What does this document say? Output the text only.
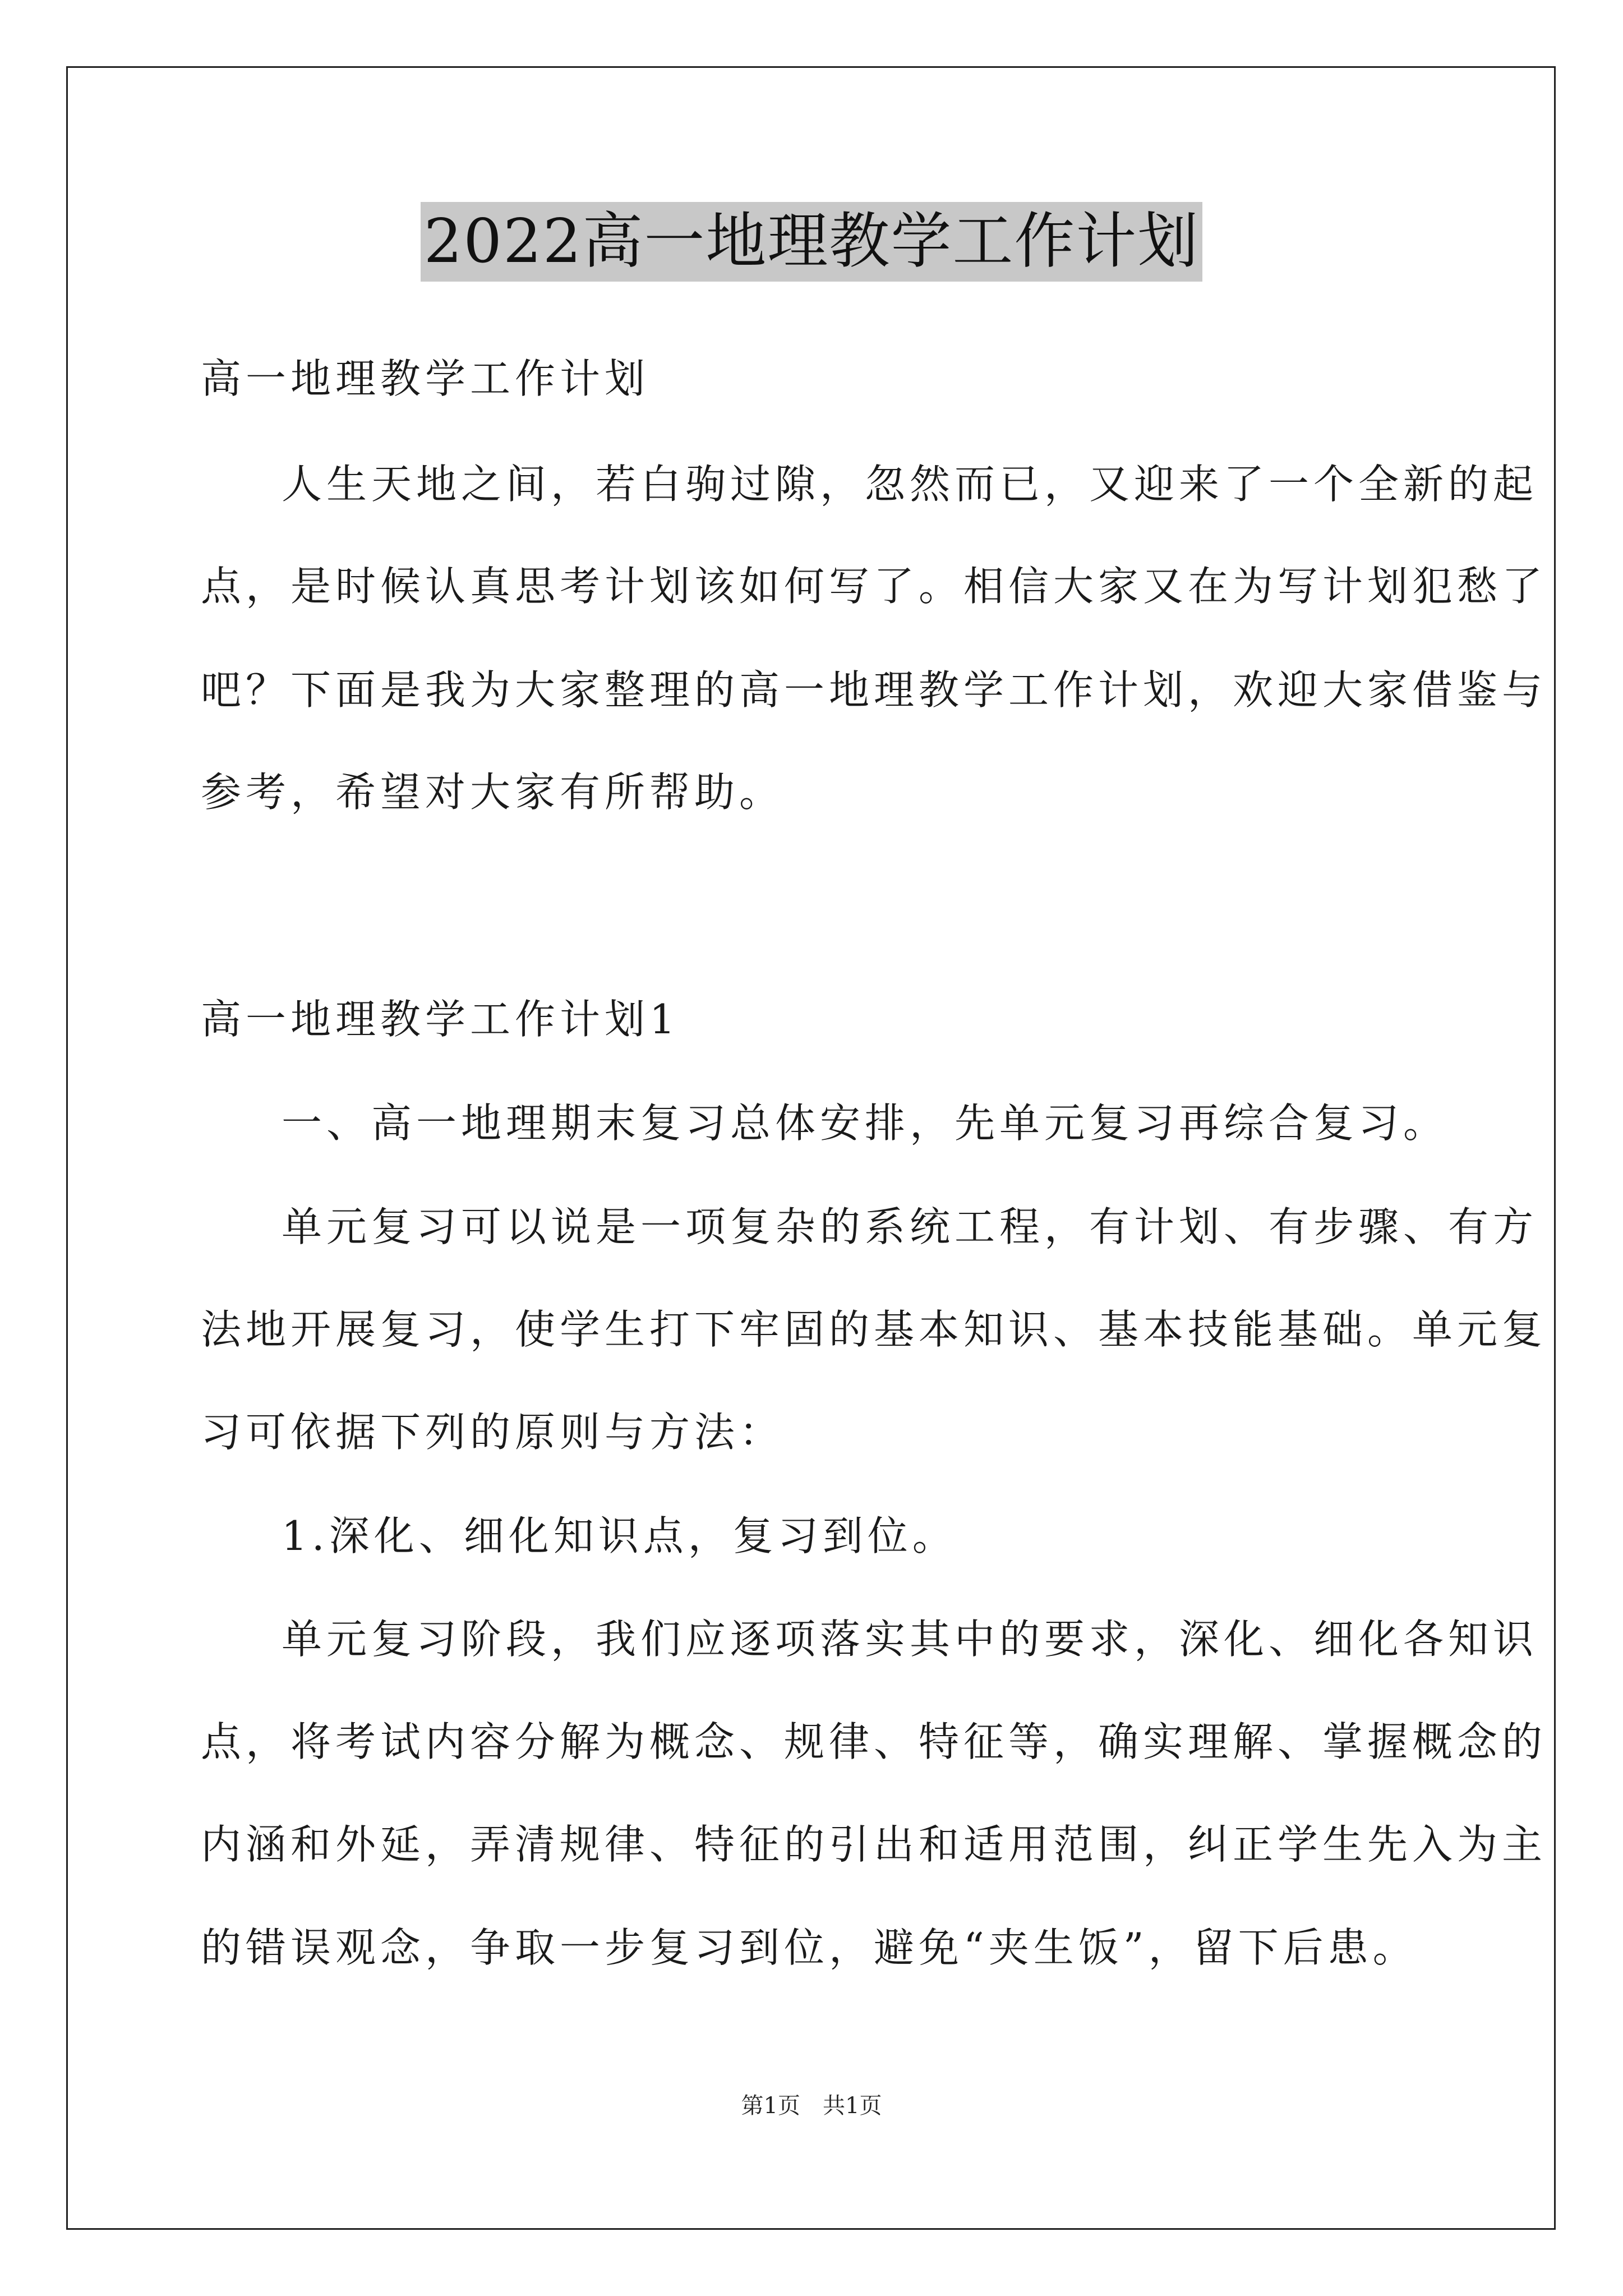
2022高一地理教学工作计划
高一地理教学工作计划
人生天地之间，若白驹过隙，忽然而已，又迎来了一个全新的起
点，是时候认真思考计划该如何写了。相信大家又在为写计划犯愁了
吧？下面是我为大家整理的高一地理教学工作计划，欢迎大家借鉴与
参考，希望对大家有所帮助。
高一地理教学工作计划1
一、高一地理期末复习总体安排，先单元复习再综合复习。
单元复习可以说是一项复杂的系统工程，有计划、有步骤、有方
法地开展复习，使学生打下牢固的基本知识、基本技能基础。单元复
习可依据下列的原则与方法：
1.深化、细化知识点，复习到位。
单元复习阶段，我们应逐项落实其中的要求，深化、细化各知识
点，将考试内容分解为概念、规律、特征等，确实理解、掌握概念的
内涵和外延，弄清规律、特征的引出和适用范围，纠正学生先入为主
的错误观念，争取一步复习到位，避免“夹生饭”，留下后患。
第1页　共1页
